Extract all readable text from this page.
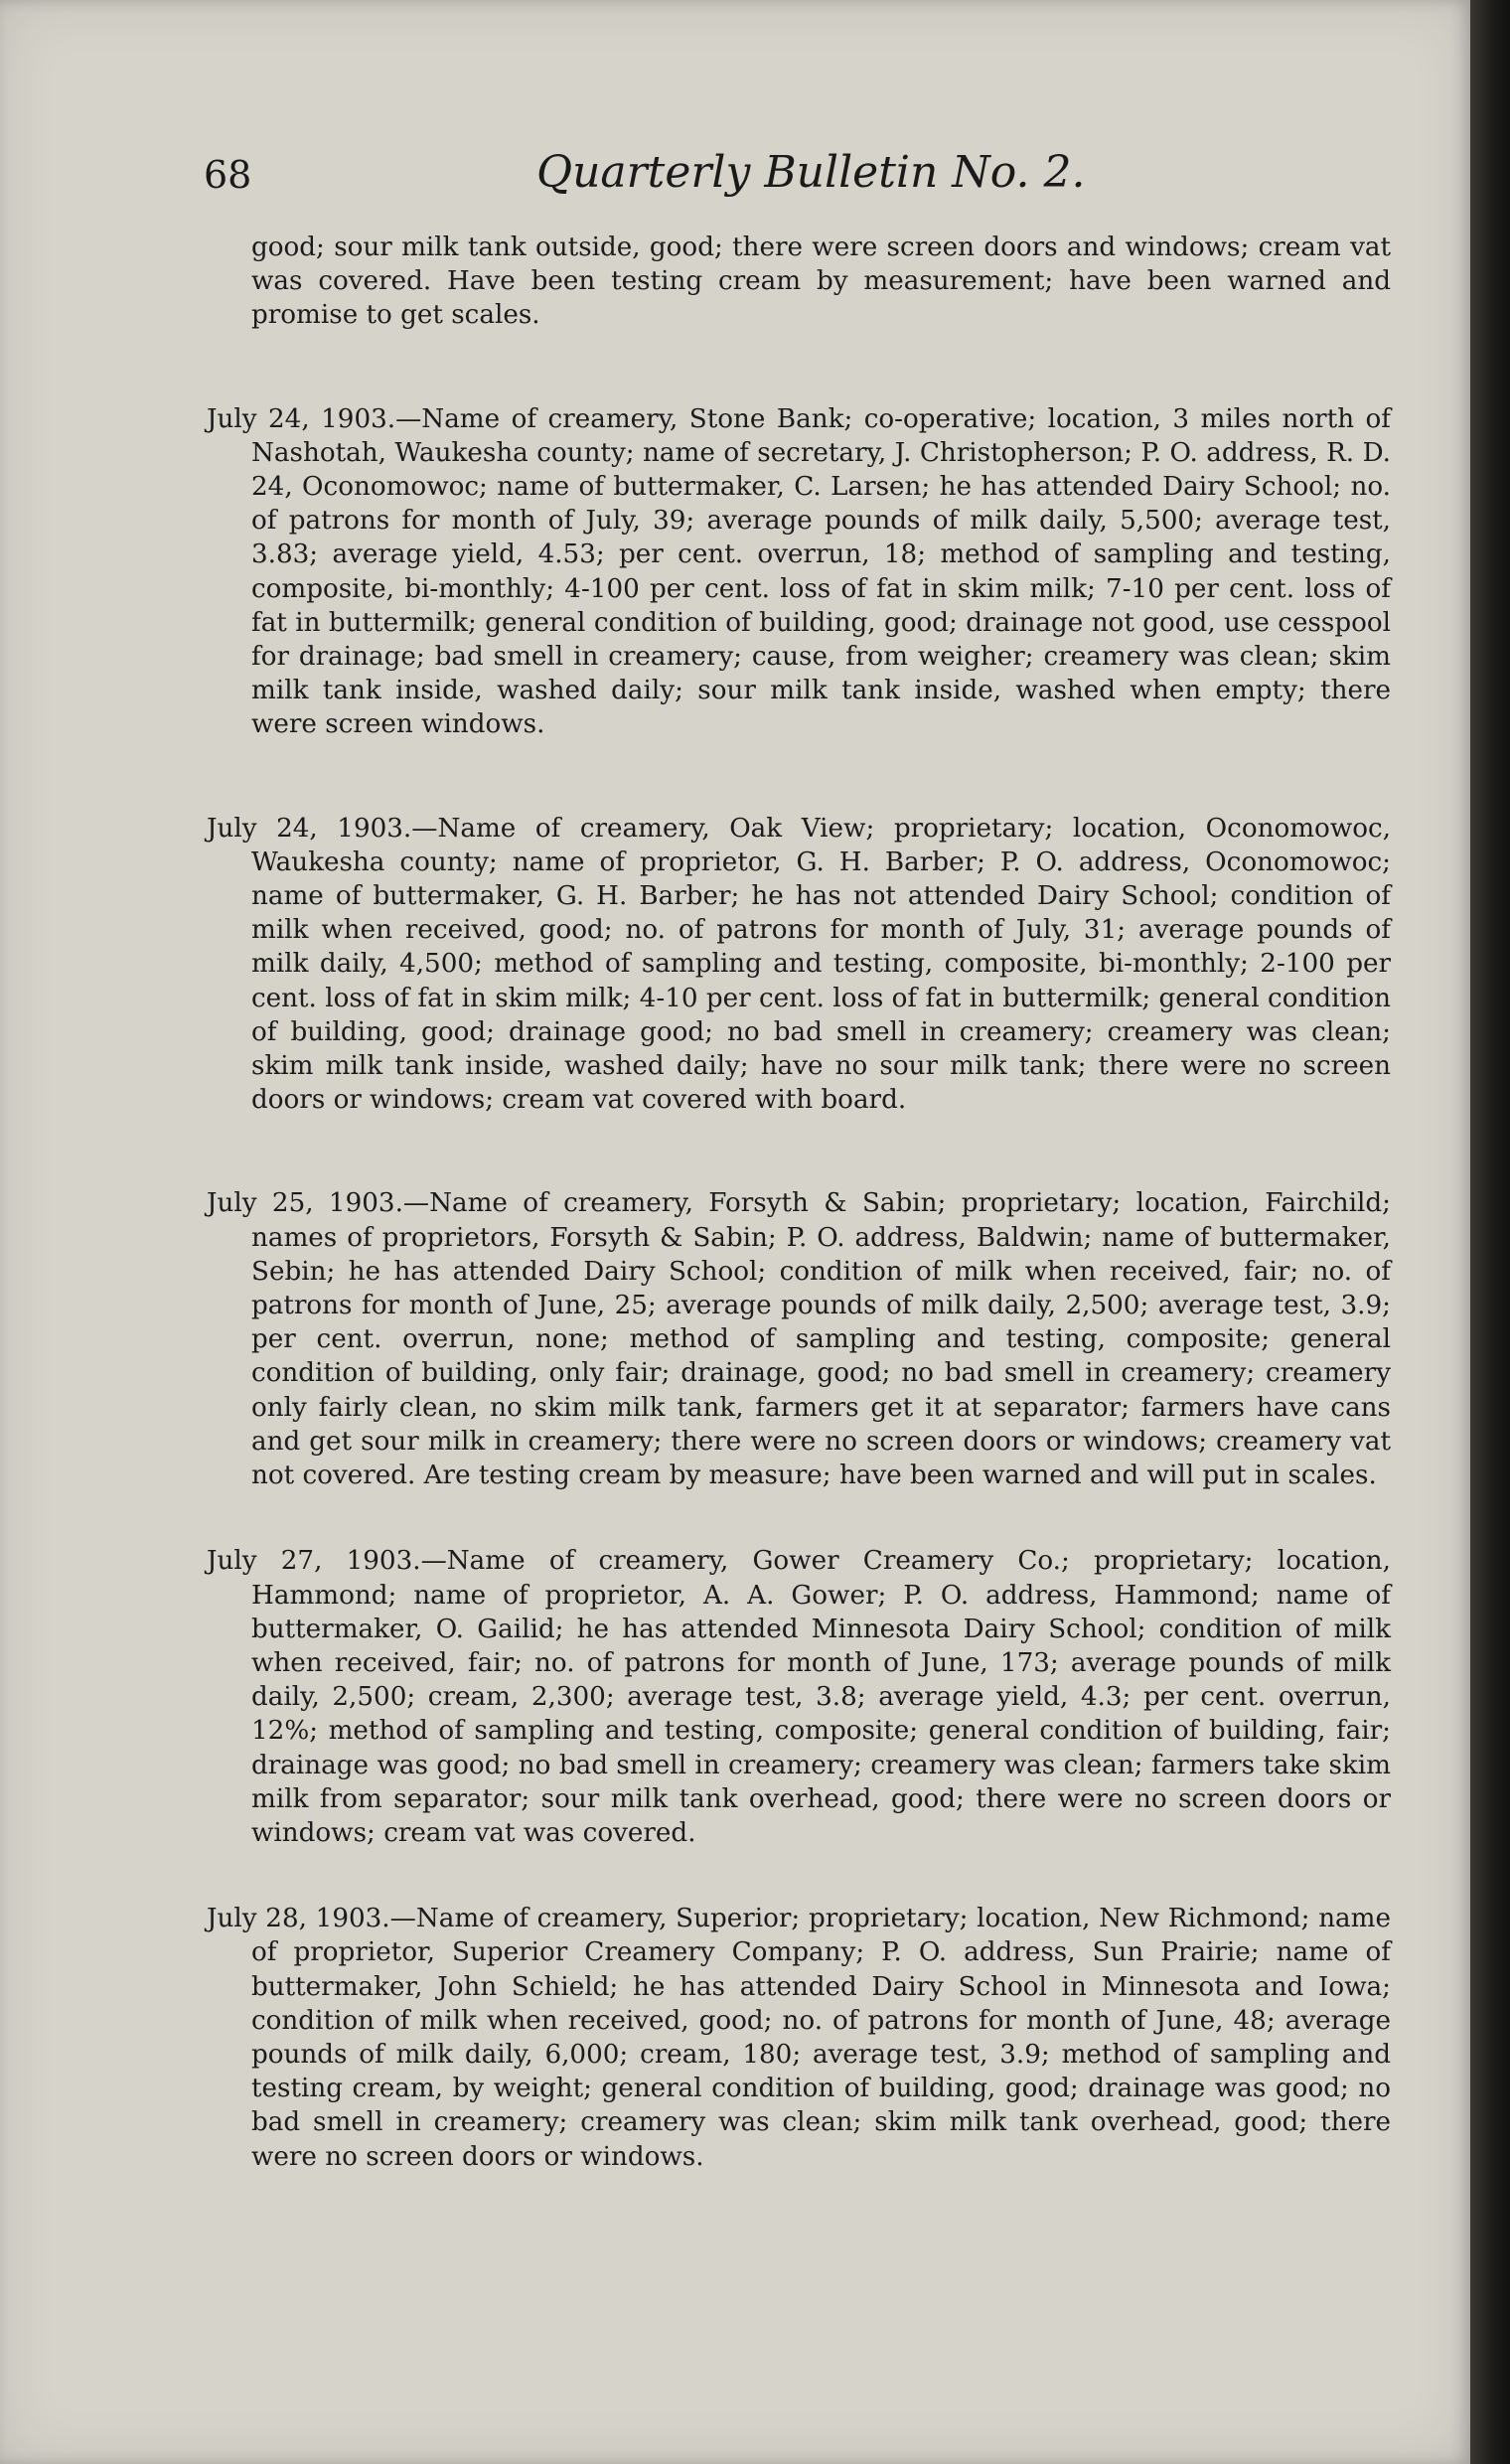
68	Quarterly Bulletin No. 2.

good; sour milk tank outside, good; there were screen doors and windows; cream vat was covered. Have been testing cream by measurement; have been warned and promise to get scales.

July 24, 1903.—Name of creamery, Stone Bank; co-operative; location, 3 miles north of Nashotah, Waukesha county; name of secretary, J. Christopherson; P. O. address, R. D. 24, Oconomowoc; name of buttermaker, C. Larsen; he has attended Dairy School; no. of patrons for month of July, 39; average pounds of milk daily, 5,500; average test, 3.83; average yield, 4.53; per cent. overrun, 18; method of sampling and testing, composite, bi-monthly; 4-100 per cent. loss of fat in skim milk; 7-10 per cent. loss of fat in buttermilk; general condition of building, good; drainage not good, use cesspool for drainage; bad smell in creamery; cause, from weigher; creamery was clean; skim milk tank inside, washed daily; sour milk tank inside, washed when empty; there were screen windows.

July 24, 1903.—Name of creamery, Oak View; proprietary; location, Oconomowoc, Waukesha county; name of proprietor, G. H. Barber; P. O. address, Oconomowoc; name of buttermaker, G. H. Barber; he has not attended Dairy School; condition of milk when received, good; no. of patrons for month of July, 31; average pounds of milk daily, 4,500; method of sampling and testing, composite, bi-monthly; 2-100 per cent. loss of fat in skim milk; 4-10 per cent. loss of fat in buttermilk; general condition of building, good; drainage good; no bad smell in creamery; creamery was clean; skim milk tank inside, washed daily; have no sour milk tank; there were no screen doors or windows; cream vat covered with board.

July 25, 1903.—Name of creamery, Forsyth & Sabin; proprietary; location, Fairchild; names of proprietors, Forsyth & Sabin; P. O. address, Baldwin; name of buttermaker, Sebin; he has attended Dairy School; condition of milk when received, fair; no. of patrons for month of June, 25; average pounds of milk daily, 2,500; average test, 3.9; per cent. overrun, none; method of sampling and testing, composite; general condition of building, only fair; drainage, good; no bad smell in creamery; creamery only fairly clean, no skim milk tank, farmers get it at separator; farmers have cans and get sour milk in creamery; there were no screen doors or windows; creamery vat not covered. Are testing cream by measure; have been warned and will put in scales.

July 27, 1903.—Name of creamery, Gower Creamery Co.; proprietary; location, Hammond; name of proprietor, A. A. Gower; P. O. address, Hammond; name of buttermaker, O. Gailid; he has attended Minnesota Dairy School; condition of milk when received, fair; no. of patrons for month of June, 173; average pounds of milk daily, 2,500; cream, 2,300; average test, 3.8; average yield, 4.3; per cent. overrun, 12%; method of sampling and testing, composite; general condition of building, fair; drainage was good; no bad smell in creamery; creamery was clean; farmers take skim milk from separator; sour milk tank overhead, good; there were no screen doors or windows; cream vat was covered.

July 28, 1903.—Name of creamery, Superior; proprietary; location, New Richmond; name of proprietor, Superior Creamery Company; P. O. address, Sun Prairie; name of buttermaker, John Schield; he has attended Dairy School in Minnesota and Iowa; condition of milk when received, good; no. of patrons for month of June, 48; average pounds of milk daily, 6,000; cream, 180; average test, 3.9; method of sampling and testing cream, by weight; general condition of building, good; drainage was good; no bad smell in creamery; creamery was clean; skim milk tank overhead, good; there were no screen doors or windows.
